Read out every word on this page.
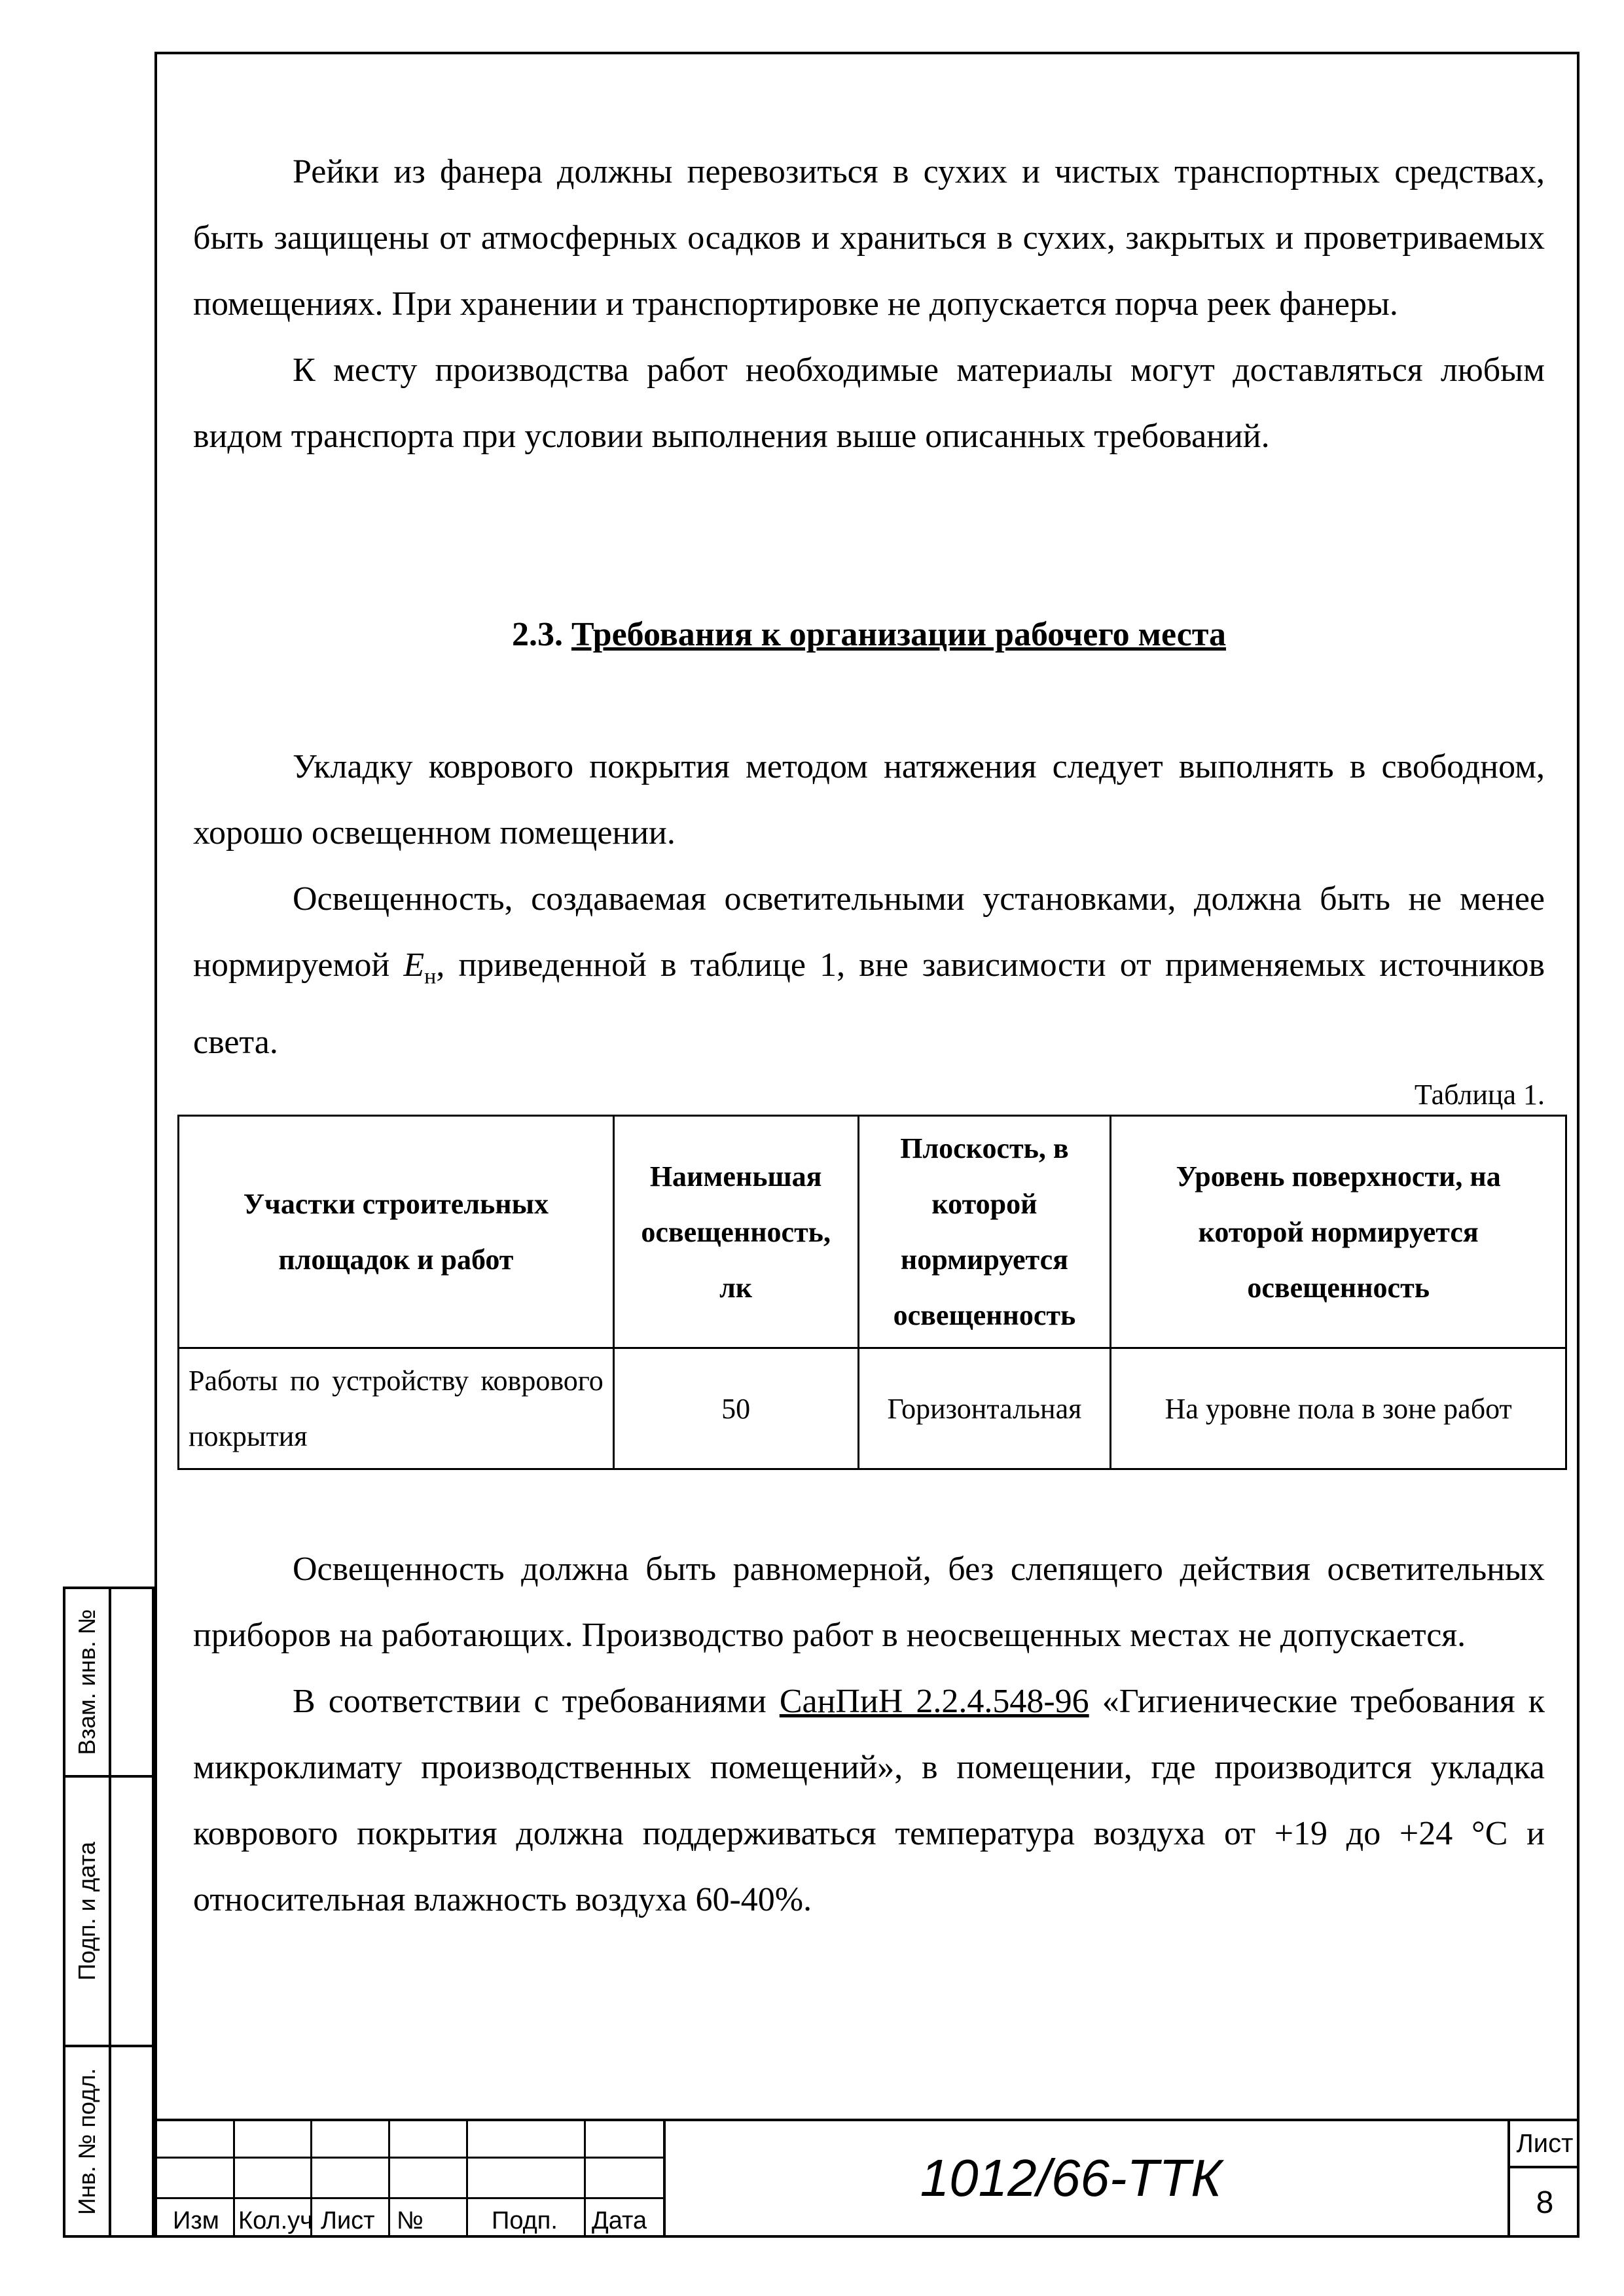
Рейки из фанера должны перевозиться в сухих и чистых транспортных средствах, быть защищены от атмосферных осадков и храниться в сухих, закрытых и проветриваемых помещениях. При хранении и транспортировке не допускается порча реек фанеры.

К месту производства работ необходимые материалы могут доставляться любым видом транспорта при условии выполнения выше описанных требований.

2.3. Требования к организации рабочего места

Укладку коврового покрытия методом натяжения следует выполнять в свободном, хорошо освещенном помещении.

Освещенность, создаваемая осветительными установками, должна быть не менее нормируемой $E_н$, приведенной в таблице 1, вне зависимости от применяемых источников света.

Таблица 1.

Участки строительных площадок и работ	Наименьшая освещенность, лк	Плоскость, в которой нормируется освещенность	Уровень поверхности, на которой нормируется освещенность
Работы по устройству коврового покрытия	50	Горизонтальная	На уровне пола в зоне работ

Освещенность должна быть равномерной, без слепящего действия осветительных приборов на работающих. Производство работ в неосвещенных местах не допускается.

В соответствии с требованиями СанПиН 2.2.4.548-96 «Гигиенические требования к микроклимату производственных помещений», в помещении, где производится укладка коврового покрытия должна поддерживаться температура воздуха от +19 до +24 °С и относительная влажность воздуха 60-40%.

Взам. инв. №
Подп. и дата
Инв. № подл.
Изм Кол.уч Лист №	Подп. Дата
1012/66-ТТК
Лист
8
